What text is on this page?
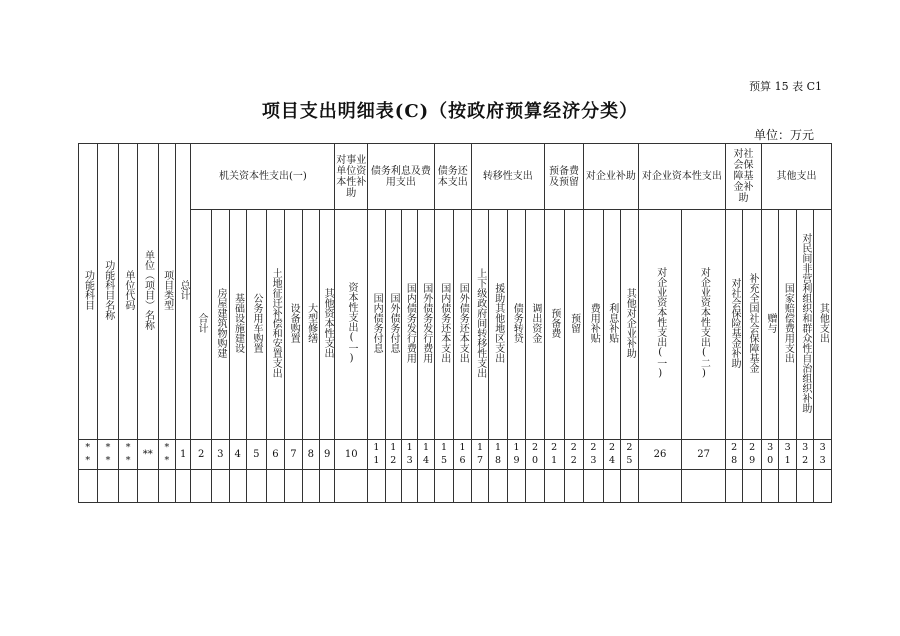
预算 15 表 C1
项目支出明细表(C)（按政府预算经济分类）
单位：万元
功能科目	功能科目名称	单位代码	单位（项目）名称	项目类型	总计	机关资本性支出(一)								对事业单位资本性补助	债务利息及费用支出				债务还本支出		转移性支出				预备费及预留		对企业补助			对企业资本性支出		对社会保障基金补助		其他支出			
						合计	房屋建筑物购建	基础设施建设	公务用车购置	土地征迁补偿和安置支出	设备购置	大型修缮	其他资本性支出	资本性支出(一)	国内债务付息	国外债务付息	国内债务发行费用	国外债务发行费用	国内债务还本支出	国外债务还本支出	上下级政府间转移性支出	援助其他地区支出	债务转贷	调出资金	预备费	预留	费用补贴	利息补贴	其他对企业补助	对企业资本性支出(一)	对企业资本性支出(二)	对社会保险基金补助	补充全国社会保障基金	赠与	国家赔偿费用支出	对民间非营利组织和群众性自治组织补助	其他支出
**	**	**	**	**	1	2	3	4	5	6	7	8	9	10	11	12	13	14	15	16	17	18	19	20	21	22	23	24	25	26	27	28	29	30	31	32	33
